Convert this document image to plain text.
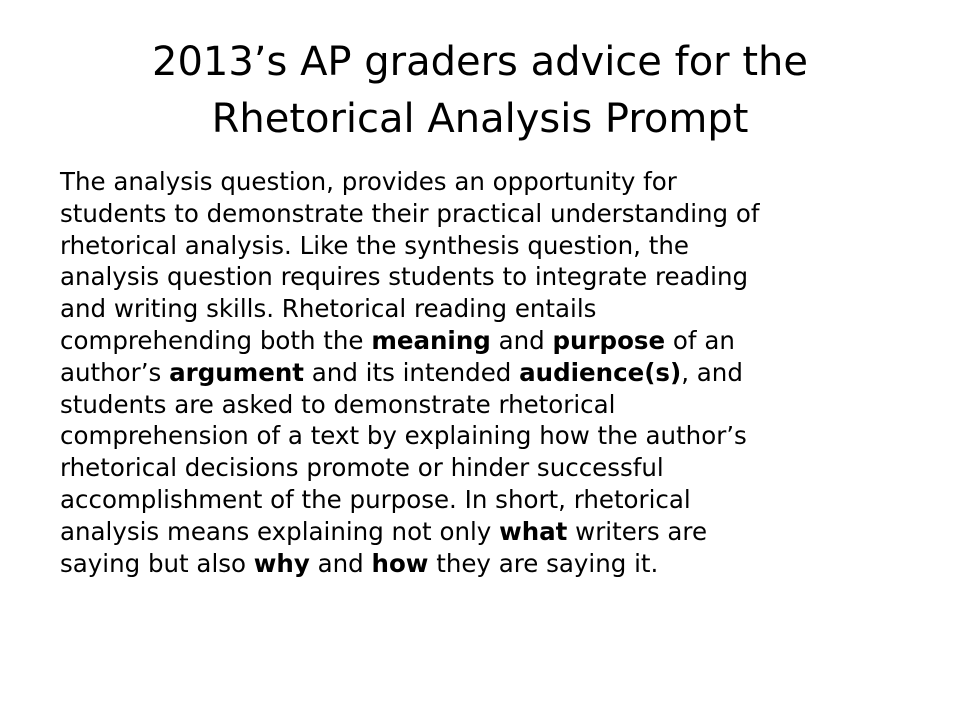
2013’s AP graders advice for the
Rhetorical Analysis Prompt
The analysis question, provides an opportunity for
students to demonstrate their practical understanding of
rhetorical analysis. Like the synthesis question, the
analysis question requires students to integrate reading
and writing skills. Rhetorical reading entails
comprehending both the meaning and purpose of an
author’s argument and its intended audience(s), and
students are asked to demonstrate rhetorical
comprehension of a text by explaining how the author’s
rhetorical decisions promote or hinder successful
accomplishment of the purpose. In short, rhetorical
analysis means explaining not only what writers are
saying but also why and how they are saying it.
